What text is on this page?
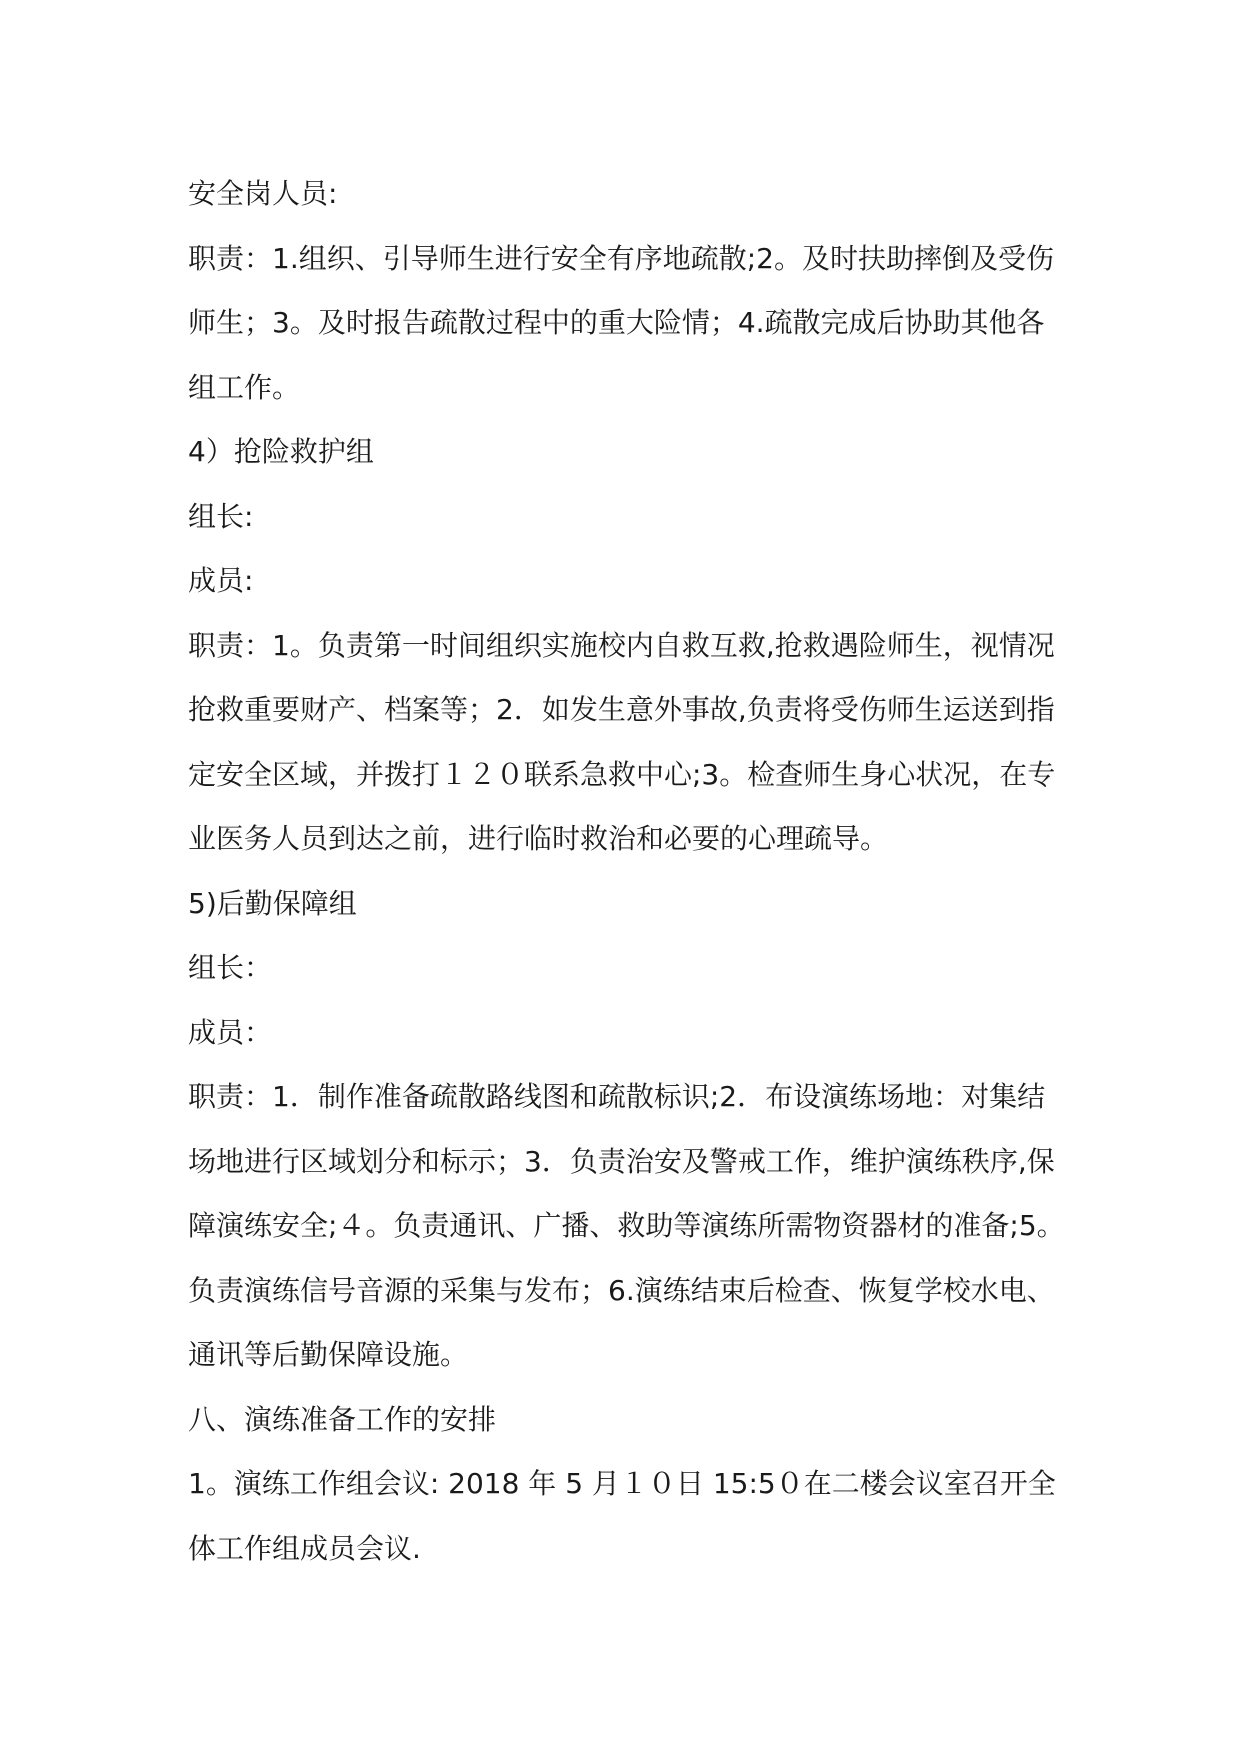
安全岗人员:

职责：1.组织、引导师生进行安全有序地疏散;2。及时扶助摔倒及受伤师生；3。及时报告疏散过程中的重大险情；4.疏散完成后协助其他各组工作。

4）抢险救护组

组长:

成员:

职责：1。负责第一时间组织实施校内自救互救,抢救遇险师生，视情况抢救重要财产、档案等；2．如发生意外事故,负责将受伤师生运送到指定安全区域，并拨打１２０联系急救中心;3。检查师生身心状况，在专业医务人员到达之前，进行临时救治和必要的心理疏导。

5)后勤保障组

组长：

成员：

职责：1．制作准备疏散路线图和疏散标识;2．布设演练场地：对集结场地进行区域划分和标示；3．负责治安及警戒工作，维护演练秩序,保障演练安全;４。负责通讯、广播、救助等演练所需物资器材的准备;5。负责演练信号音源的采集与发布；6.演练结束后检查、恢复学校水电、通讯等后勤保障设施。

八、演练准备工作的安排

1。演练工作组会议: 2018 年 5 月１０日 15:5０在二楼会议室召开全体工作组成员会议.
